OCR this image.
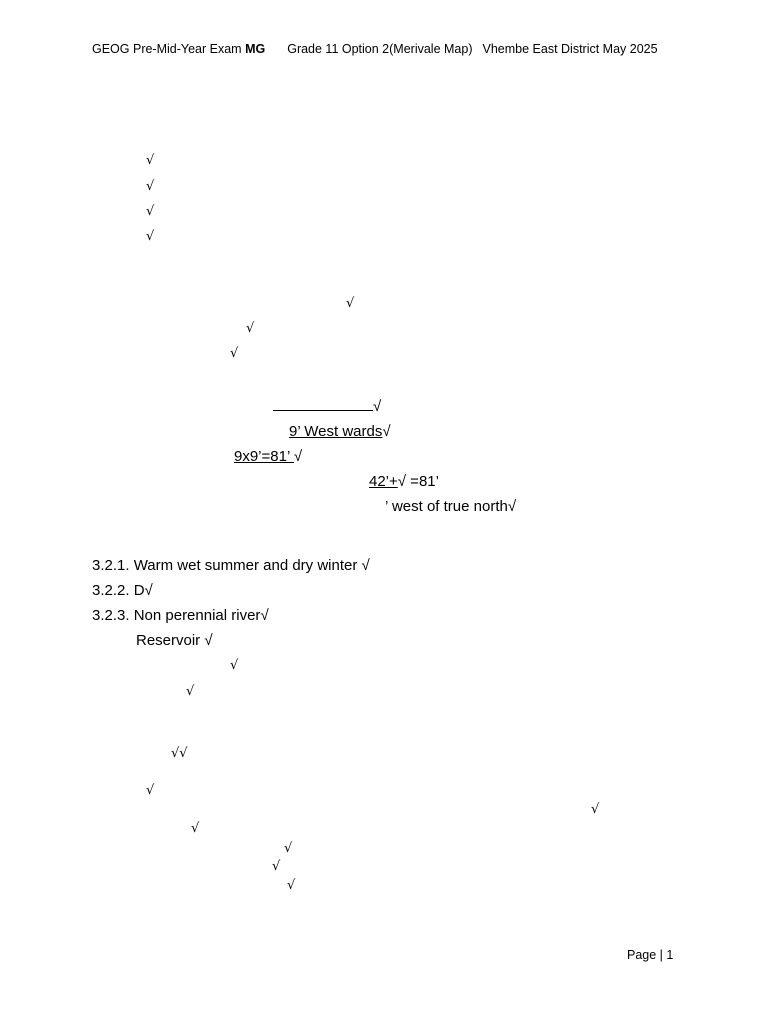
GEOG Pre-Mid-Year Exam MG Grade 11 Option 2(Merivale Map) Vhembe East District May 2025
√
√
√
√
√
√
√
√
9’ West wards√
9x9’=81’ √
42’+√ =81’
’ west of true north√
3.2.1. Warm wet summer and dry winter √
3.2.2. D√
3.2.3. Non perennial river√
Reservoir √
√
√
√√
√
√
√
√
√
√
Page | 1
